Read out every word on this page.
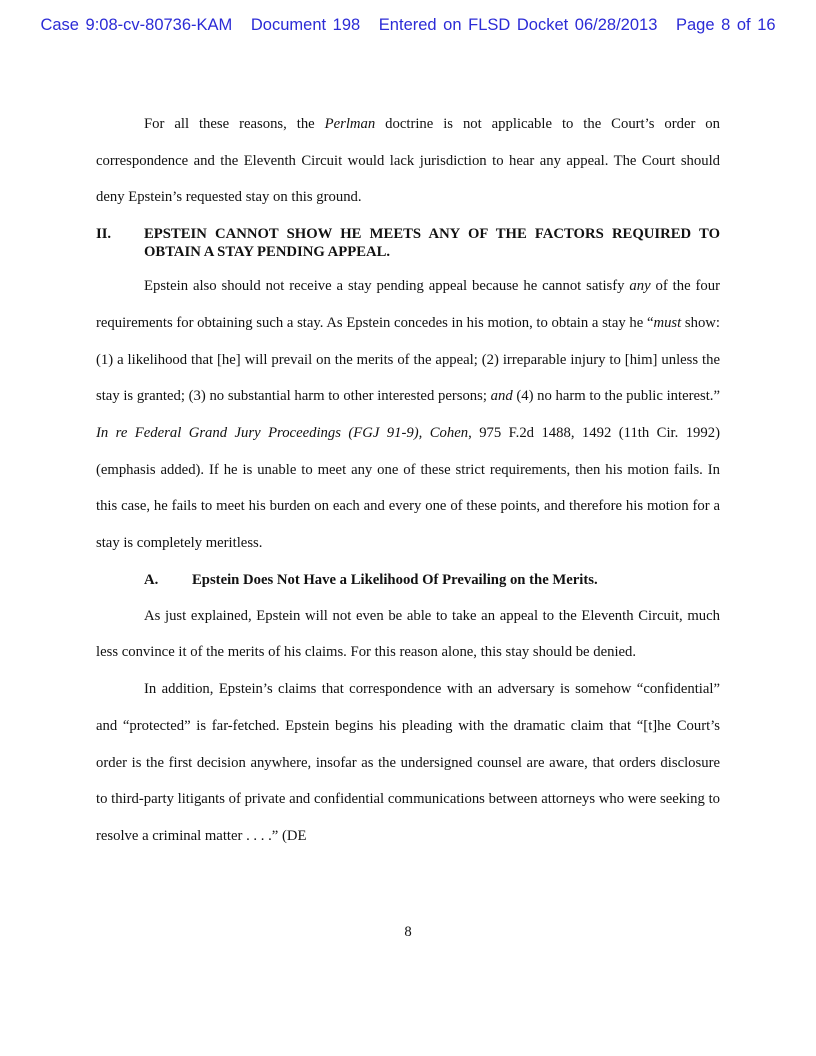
Case 9:08-cv-80736-KAM Document 198 Entered on FLSD Docket 06/28/2013 Page 8 of 16

For all these reasons, the Perlman doctrine is not applicable to the Court’s order on correspondence and the Eleventh Circuit would lack jurisdiction to hear any appeal. The Court should deny Epstein’s requested stay on this ground.

II. EPSTEIN CANNOT SHOW HE MEETS ANY OF THE FACTORS REQUIRED TO OBTAIN A STAY PENDING APPEAL.

Epstein also should not receive a stay pending appeal because he cannot satisfy any of the four requirements for obtaining such a stay. As Epstein concedes in his motion, to obtain a stay he “must show: (1) a likelihood that [he] will prevail on the merits of the appeal; (2) irreparable injury to [him] unless the stay is granted; (3) no substantial harm to other interested persons; and (4) no harm to the public interest.” In re Federal Grand Jury Proceedings (FGJ 91-9), Cohen, 975 F.2d 1488, 1492 (11th Cir. 1992) (emphasis added). If he is unable to meet any one of these strict requirements, then his motion fails. In this case, he fails to meet his burden on each and every one of these points, and therefore his motion for a stay is completely meritless.

A. Epstein Does Not Have a Likelihood Of Prevailing on the Merits.

As just explained, Epstein will not even be able to take an appeal to the Eleventh Circuit, much less convince it of the merits of his claims. For this reason alone, this stay should be denied.

In addition, Epstein’s claims that correspondence with an adversary is somehow “confidential” and “protected” is far-fetched. Epstein begins his pleading with the dramatic claim that “[t]he Court’s order is the first decision anywhere, insofar as the undersigned counsel are aware, that orders disclosure to third-party litigants of private and confidential communications between attorneys who were seeking to resolve a criminal matter . . . .” (DE

8
